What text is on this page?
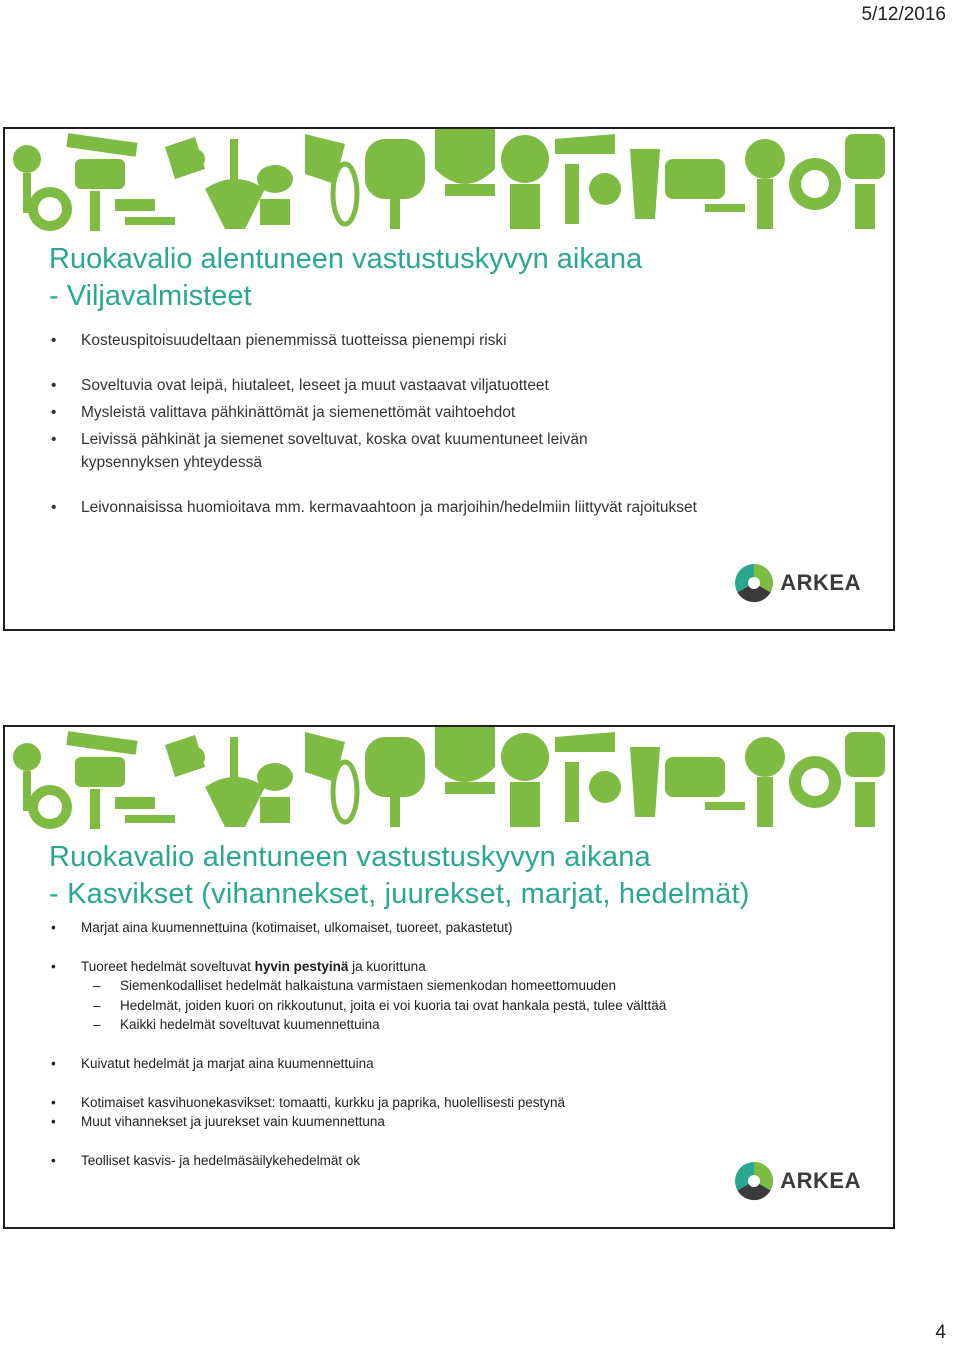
5/12/2016
Ruokavalio alentuneen vastustuskyvyn aikana
- Viljavalmisteet
• Kosteuspitoisuudeltaan pienemmissä tuotteissa pienempi riski
• Soveltuvia ovat leipä, hiutaleet, leseet ja muut vastaavat viljatuotteet
• Mysleistä valittava pähkinättömät ja siemenettömät vaihtoehdot
• Leivissä pähkinät ja siemenet soveltuvat, koska ovat kuumentuneet leivän kypsennyksen yhteydessä
• Leivonnaisissa huomioitava mm. kermavaahtoon ja marjoihin/hedelmiin liittyvät rajoitukset
ARKEA
Ruokavalio alentuneen vastustuskyvyn aikana
- Kasvikset (vihannekset, juurekset, marjat, hedelmät)
• Marjat aina kuumennettuina (kotimaiset, ulkomaiset, tuoreet, pakastetut)
• Tuoreet hedelmät soveltuvat hyvin pestyinä ja kuorittuna
– Siemenkodalliset hedelmät halkaistuna varmistaen siemenkodan homeettomuuden
– Hedelmät, joiden kuori on rikkoutunut, joita ei voi kuoria tai ovat hankala pestä, tulee välttää
– Kaikki hedelmät soveltuvat kuumennettuina
• Kuivatut hedelmät ja marjat aina kuumennettuina
• Kotimaiset kasvihuonekasvikset: tomaatti, kurkku ja paprika, huolellisesti pestynä
• Muut vihannekset ja juurekset vain kuumennettuna
• Teolliset kasvis- ja hedelmäsäilykehedelmät ok
ARKEA
4
